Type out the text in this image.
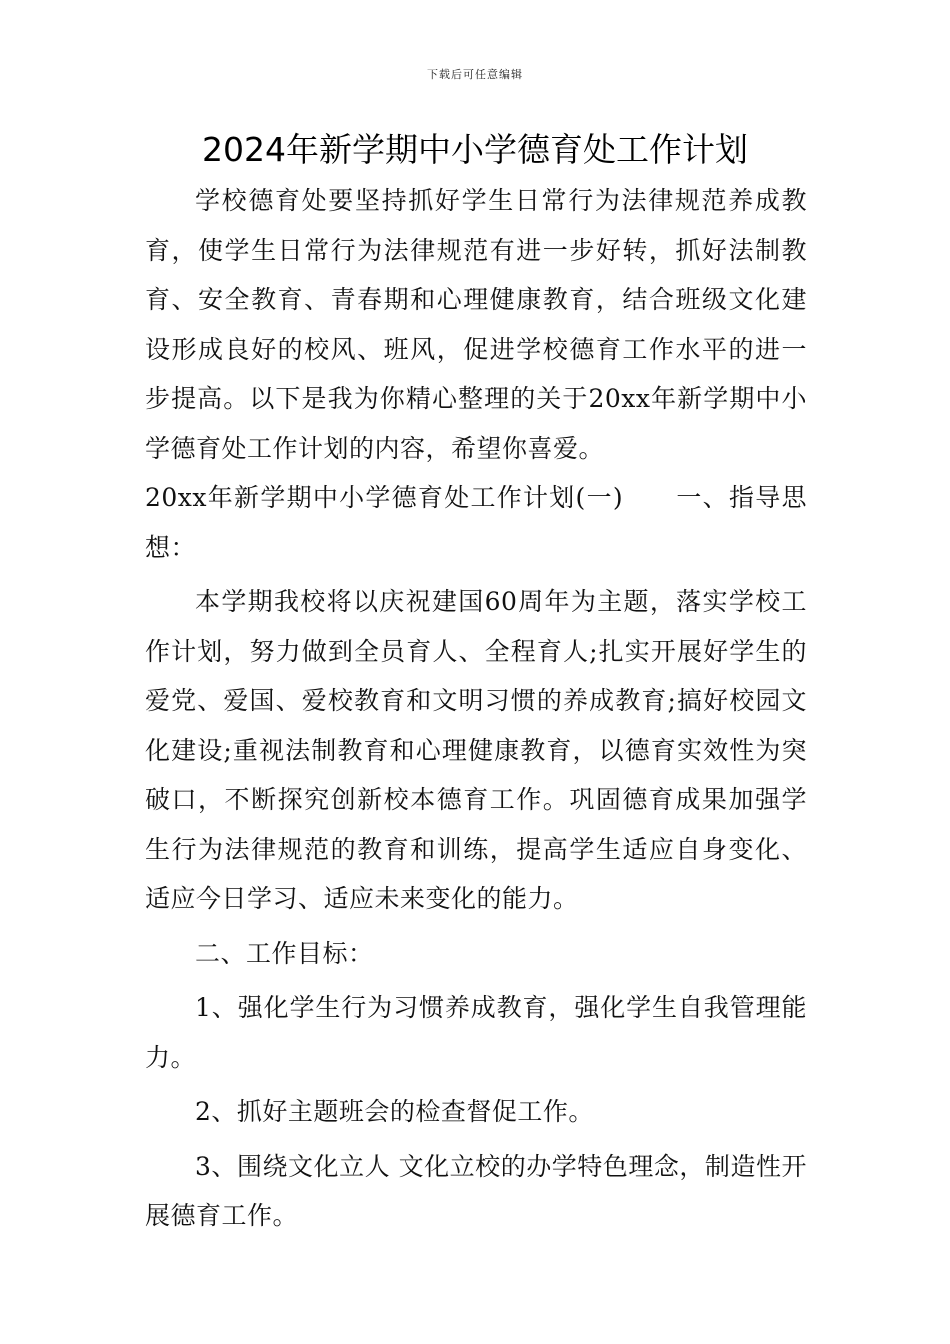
下载后可任意编辑
2024年新学期中小学德育处工作计划

学校德育处要坚持抓好学生日常行为法律规范养成教育，使学生日常行为法律规范有进一步好转，抓好法制教育、安全教育、青春期和心理健康教育，结合班级文化建设形成良好的校风、班风，促进学校德育工作水平的进一步提高。以下是我为你精心整理的关于20xx年新学期中小学德育处工作计划的内容，希望你喜爱。

20xx年新学期中小学德育处工作计划(一)　　一、指导思想：

本学期我校将以庆祝建国60周年为主题，落实学校工作计划，努力做到全员育人、全程育人;扎实开展好学生的爱党、爱国、爱校教育和文明习惯的养成教育;搞好校园文化建设;重视法制教育和心理健康教育，以德育实效性为突破口，不断探究创新校本德育工作。巩固德育成果加强学生行为法律规范的教育和训练，提高学生适应自身变化、适应今日学习、适应未来变化的能力。

二、工作目标：

1、强化学生行为习惯养成教育，强化学生自我管理能力。

2、抓好主题班会的检查督促工作。

3、围绕文化立人 文化立校的办学特色理念，制造性开展德育工作。
